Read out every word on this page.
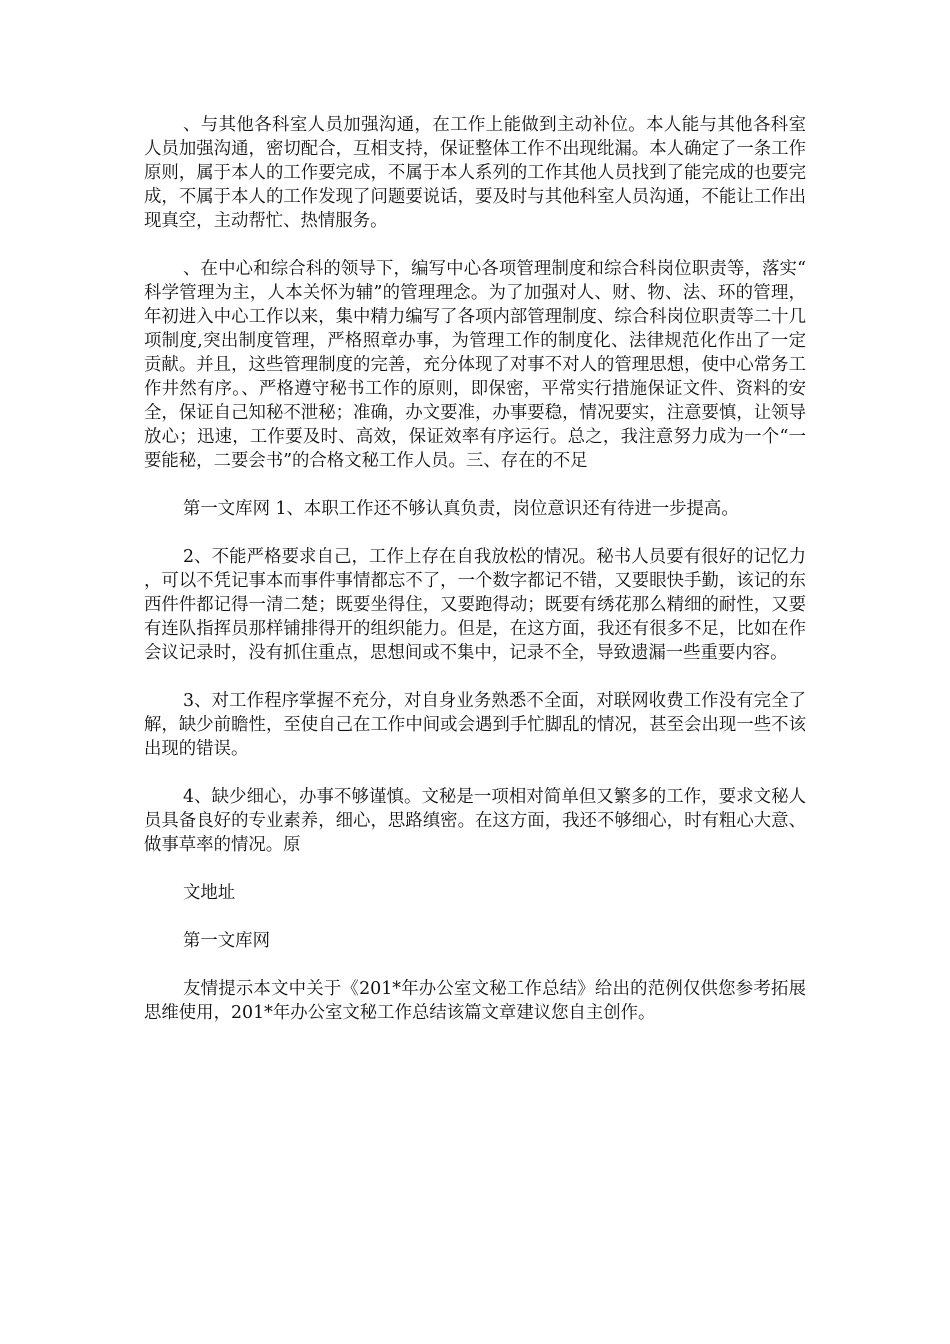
、与其他各科室人员加强沟通，在工作上能做到主动补位。本人能与其他各科室人员加强沟通，密切配合，互相支持，保证整体工作不出现纰漏。本人确定了一条工作原则，属于本人的工作要完成，不属于本人系列的工作其他人员找到了能完成的也要完成，不属于本人的工作发现了问题要说话，要及时与其他科室人员沟通，不能让工作出现真空，主动帮忙、热情服务。

、在中心和综合科的领导下，编写中心各项管理制度和综合科岗位职责等，落实“科学管理为主，人本关怀为辅”的管理理念。为了加强对人、财、物、法、环的管理，年初进入中心工作以来，集中精力编写了各项内部管理制度、综合科岗位职责等二十几项制度,突出制度管理，严格照章办事，为管理工作的制度化、法律规范化作出了一定贡献。并且，这些管理制度的完善，充分体现了对事不对人的管理思想，使中心常务工作井然有序。、严格遵守秘书工作的原则，即保密，平常实行措施保证文件、资料的安全，保证自己知秘不泄秘；准确，办文要准，办事要稳，情况要实，注意要慎，让领导放心；迅速，工作要及时、高效，保证效率有序运行。总之，我注意努力成为一个“一要能秘，二要会书”的合格文秘工作人员。三、存在的不足

第一文库网 1、本职工作还不够认真负责，岗位意识还有待进一步提高。

2、不能严格要求自己，工作上存在自我放松的情况。秘书人员要有很好的记忆力，可以不凭记事本而事件事情都忘不了，一个数字都记不错，又要眼快手勤，该记的东西件件都记得一清二楚；既要坐得住，又要跑得动；既要有绣花那么精细的耐性，又要有连队指挥员那样铺排得开的组织能力。但是，在这方面，我还有很多不足，比如在作会议记录时，没有抓住重点，思想间或不集中，记录不全，导致遗漏一些重要内容。

3、对工作程序掌握不充分，对自身业务熟悉不全面，对联网收费工作没有完全了解，缺少前瞻性，至使自己在工作中间或会遇到手忙脚乱的情况，甚至会出现一些不该出现的错误。

4、缺少细心，办事不够谨慎。文秘是一项相对简单但又繁多的工作，要求文秘人员具备良好的专业素养，细心，思路缜密。在这方面，我还不够细心，时有粗心大意、做事草率的情况。原

文地址

第一文库网

友情提示本文中关于《201*年办公室文秘工作总结》给出的范例仅供您参考拓展思维使用，201*年办公室文秘工作总结该篇文章建议您自主创作。
